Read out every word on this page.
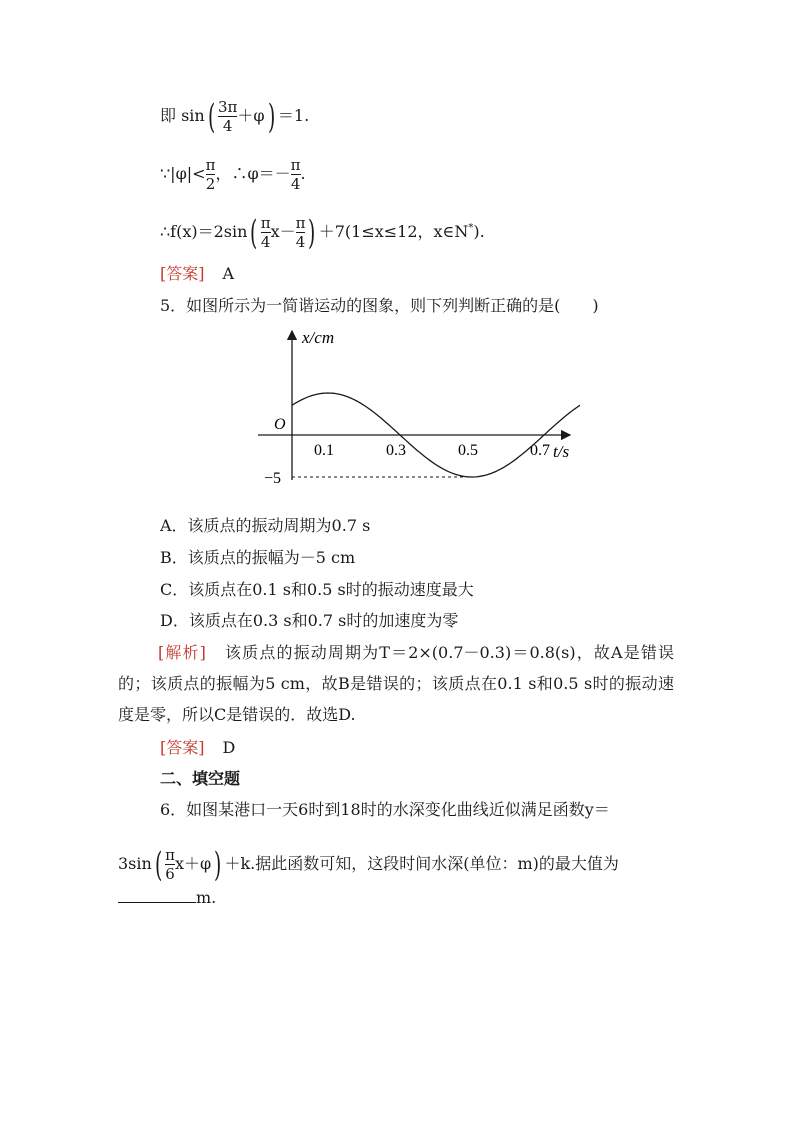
即 $\sin( \frac{3\pi}{4} +\varphi) =1$.
∵|φ|< $\frac{\pi}{2}$ ，∴φ＝－ $\frac{\pi}{4}$ .
∴f(x)＝2sin( $\frac{\pi}{4} x- \frac{\pi}{4}$ ) ＋7(1≤x≤12，x∈N*).
[答案] A
5．如图所示为一简谐运动的图象，则下列判断正确的是(　　)
x/cm
t/s
O
0.1	0.3	0.5	0.7
−5
A．该质点的振动周期为0.7 s
B．该质点的振幅为－5 cm
C．该质点在0.1 s和0.5 s时的振动速度最大
D．该质点在0.3 s和0.7 s时的加速度为零
[解析] 该质点的振动周期为T＝2×(0.7－0.3)＝0.8(s)，故A是错误的；该质点的振幅为5 cm，故B是错误的；该质点在0.1 s和0.5 s时的振动速度是零，所以C是错误的．故选D.
[答案] D
二、填空题
6．如图某港口一天6时到18时的水深变化曲线近似满足函数y＝
$3\sin( \frac{\pi}{6} x+\varphi) +k$.据此函数可知，这段时间水深(单位：m)的最大值为
m.
